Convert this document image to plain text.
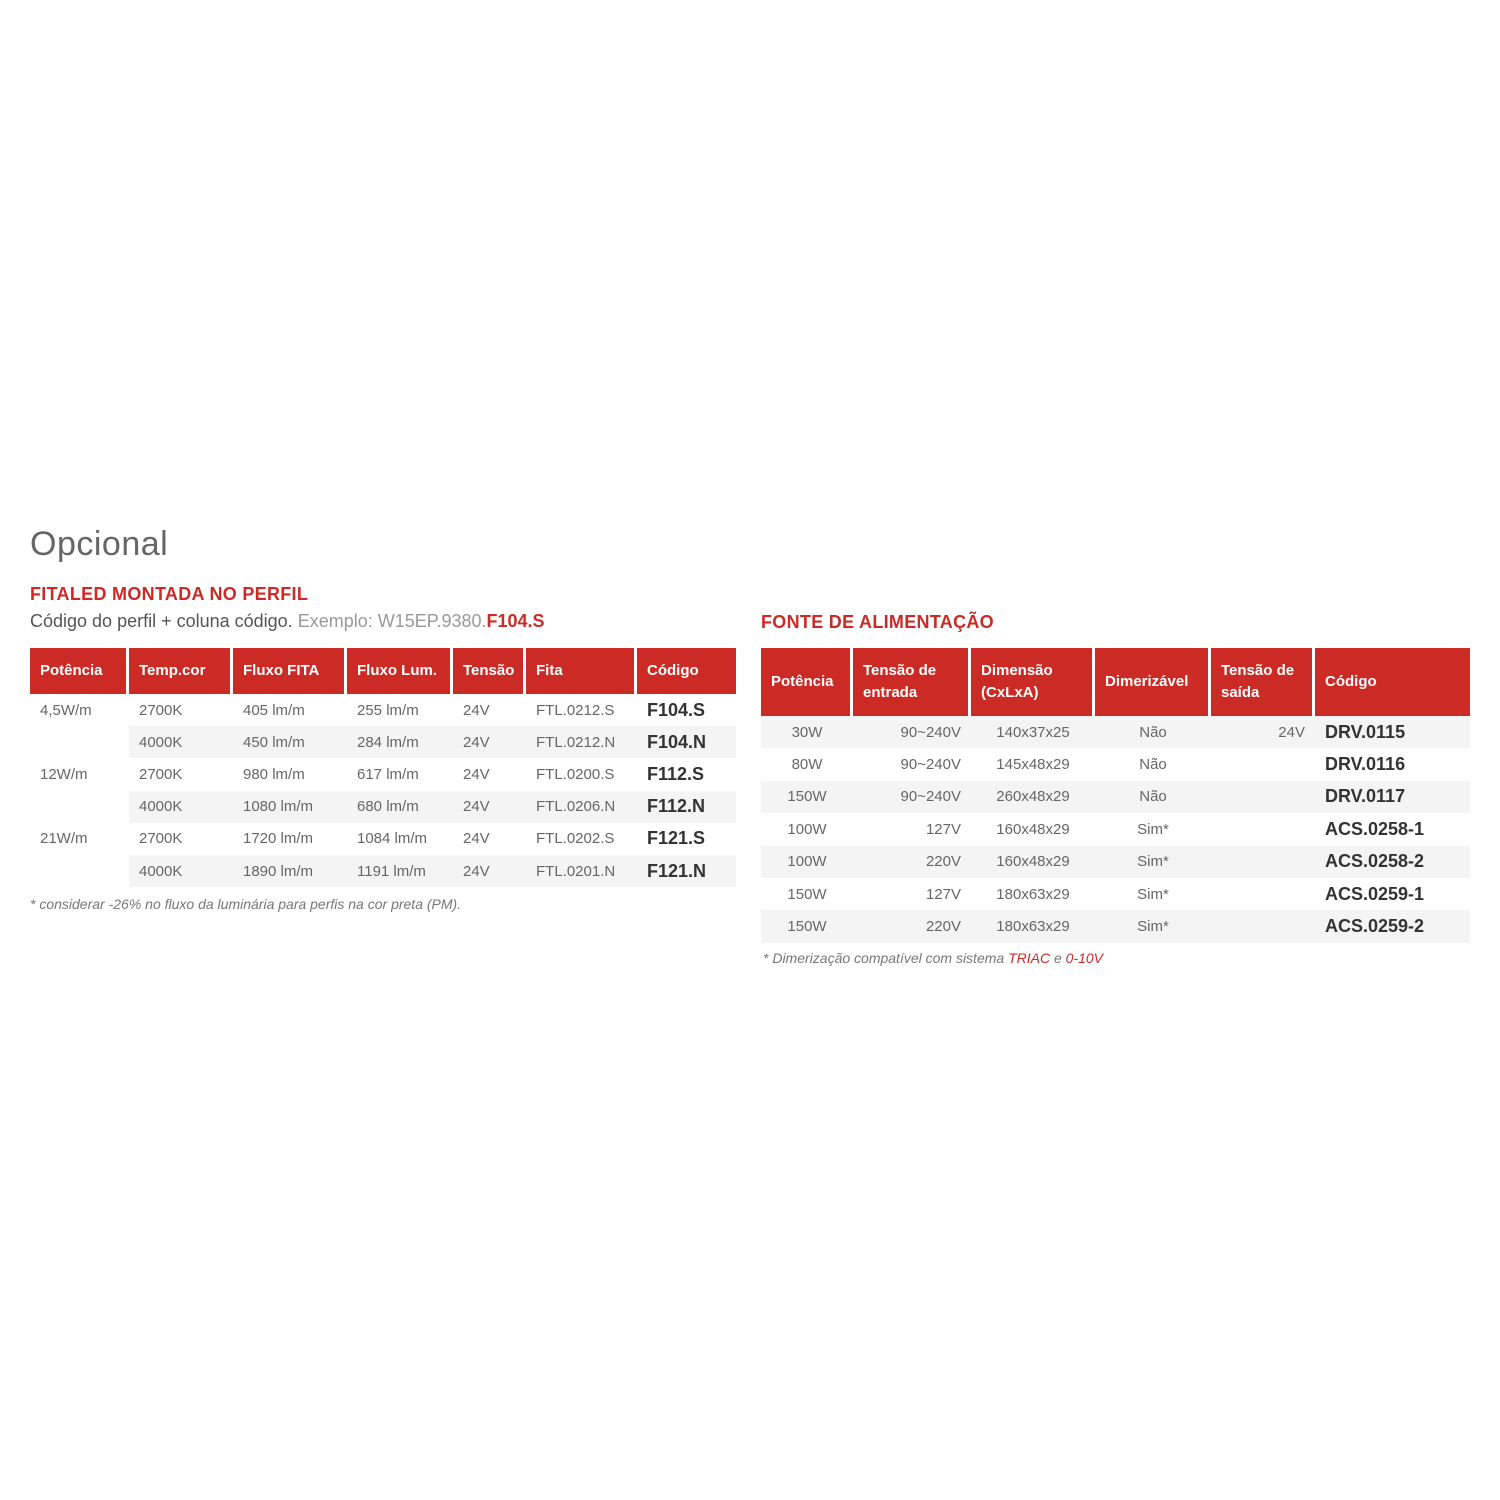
Opcional
FITALED MONTADA NO PERFIL
Código do perfil + coluna código. Exemplo: W15EP.9380.F104.S
Potência	Temp.cor	Fluxo FITA	Fluxo Lum.	Tensão	Fita	Código
4,5W/m	2700K	405 lm/m	255 lm/m	24V	FTL.0212.S	F104.S
	4000K	450 lm/m	284 lm/m	24V	FTL.0212.N	F104.N
12W/m	2700K	980 lm/m	617 lm/m	24V	FTL.0200.S	F112.S
	4000K	1080 lm/m	680 lm/m	24V	FTL.0206.N	F112.N
21W/m	2700K	1720 lm/m	1084 lm/m	24V	FTL.0202.S	F121.S
	4000K	1890 lm/m	1191 lm/m	24V	FTL.0201.N	F121.N
* considerar -26% no fluxo da luminária para perfis na cor preta (PM).
FONTE DE ALIMENTAÇÃO
Potência	Tensão de entrada	Dimensão (CxLxA)	Dimerizável	Tensão de saída	Código
30W	90~240V	140x37x25	Não	24V	DRV.0115
80W	90~240V	145x48x29	Não		DRV.0116
150W	90~240V	260x48x29	Não		DRV.0117
100W	127V	160x48x29	Sim*		ACS.0258-1
100W	220V	160x48x29	Sim*		ACS.0258-2
150W	127V	180x63x29	Sim*		ACS.0259-1
150W	220V	180x63x29	Sim*		ACS.0259-2
* Dimerização compatível com sistema TRIAC e 0-10V
